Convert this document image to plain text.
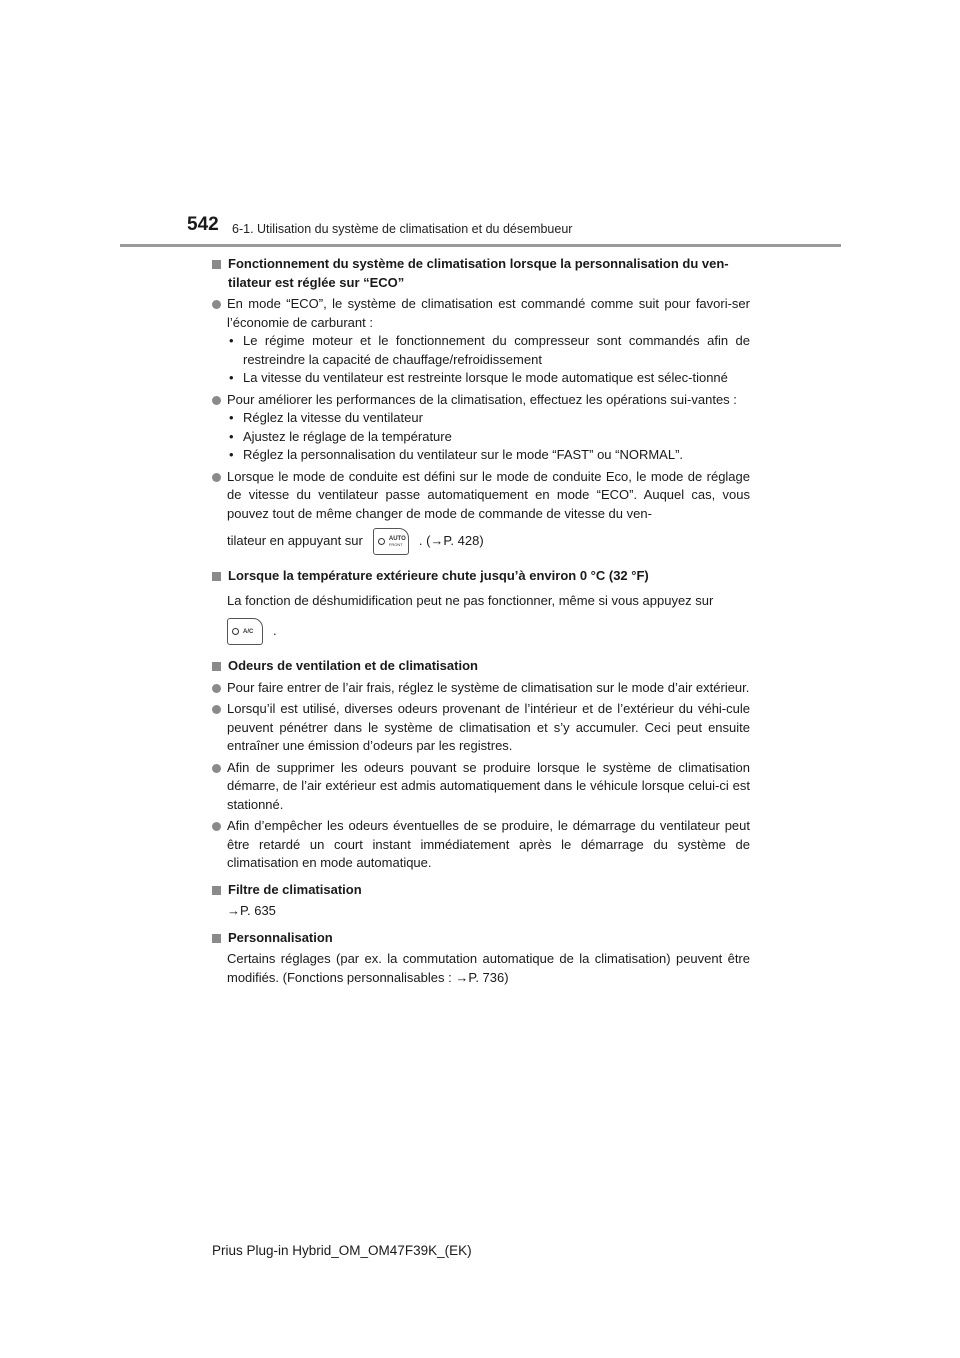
542 6-1. Utilisation du système de climatisation et du désembueur
Fonctionnement du système de climatisation lorsque la personnalisation du ven-tilateur est réglée sur “ECO”
En mode “ECO”, le système de climatisation est commandé comme suit pour favori-ser l’économie de carburant :
• Le régime moteur et le fonctionnement du compresseur sont commandés afin de restreindre la capacité de chauffage/refroidissement
• La vitesse du ventilateur est restreinte lorsque le mode automatique est sélec-tionné
Pour améliorer les performances de la climatisation, effectuez les opérations sui-vantes :
• Réglez la vitesse du ventilateur
• Ajustez le réglage de la température
• Réglez la personnalisation du ventilateur sur le mode “FAST” ou “NORMAL”.
Lorsque le mode de conduite est défini sur le mode de conduite Eco, le mode de réglage de vitesse du ventilateur passe automatiquement en mode “ECO”. Auquel cas, vous pouvez tout de même changer de mode de commande de vitesse du ven-
tilateur en appuyant sur	AUTO
FRONT . (→P. 428)
Lorsque la température extérieure chute jusqu’à environ 0 °C (32 °F)
La fonction de déshumidification peut ne pas fonctionner, même si vous appuyez sur
A/C .
Odeurs de ventilation et de climatisation
Pour faire entrer de l’air frais, réglez le système de climatisation sur le mode d’air extérieur.
Lorsqu’il est utilisé, diverses odeurs provenant de l’intérieur et de l’extérieur du véhi-cule peuvent pénétrer dans le système de climatisation et s’y accumuler. Ceci peut ensuite entraîner une émission d’odeurs par les registres.
Afin de supprimer les odeurs pouvant se produire lorsque le système de climatisation démarre, de l’air extérieur est admis automatiquement dans le véhicule lorsque celui-ci est stationné.
Afin d’empêcher les odeurs éventuelles de se produire, le démarrage du ventilateur peut être retardé un court instant immédiatement après le démarrage du système de climatisation en mode automatique.
Filtre de climatisation
→P. 635
Personnalisation
Certains réglages (par ex. la commutation automatique de la climatisation) peuvent être modifiés. (Fonctions personnalisables : →P. 736)
Prius Plug-in Hybrid_OM_OM47F39K_(EK)
